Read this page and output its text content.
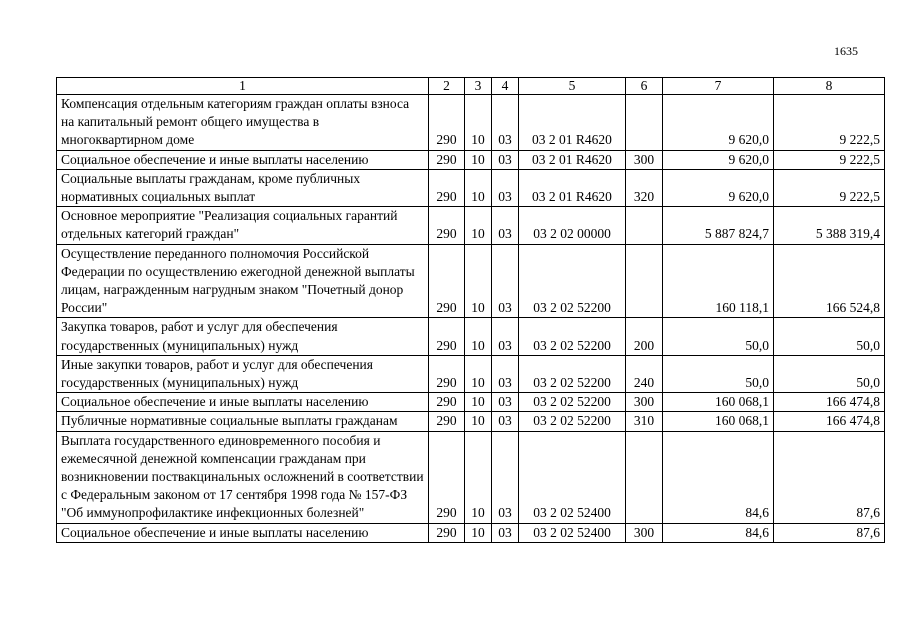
1635
1	2	3	4	5	6	7	8
Компенсация отдельным категориям граждан оплаты взноса на капитальный ремонт общего имущества в многоквартирном доме	290	10	03	03 2 01 R4620		9 620,0	9 222,5
Социальное обеспечение и иные выплаты населению	290	10	03	03 2 01 R4620	300	9 620,0	9 222,5
Социальные выплаты гражданам, кроме публичных нормативных социальных выплат	290	10	03	03 2 01 R4620	320	9 620,0	9 222,5
Основное мероприятие "Реализация социальных гарантий отдельных категорий граждан"	290	10	03	03 2 02 00000		5 887 824,7	5 388 319,4
Осуществление переданного полномочия Российской Федерации по осуществлению ежегодной денежной выплаты лицам, награжденным нагрудным знаком "Почетный донор России"	290	10	03	03 2 02 52200		160 118,1	166 524,8
Закупка товаров, работ и услуг для обеспечения государственных (муниципальных) нужд	290	10	03	03 2 02 52200	200	50,0	50,0
Иные закупки товаров, работ и услуг для обеспечения государственных (муниципальных) нужд	290	10	03	03 2 02 52200	240	50,0	50,0
Социальное обеспечение и иные выплаты населению	290	10	03	03 2 02 52200	300	160 068,1	166 474,8
Публичные нормативные социальные выплаты гражданам	290	10	03	03 2 02 52200	310	160 068,1	166 474,8
Выплата государственного единовременного пособия и ежемесячной денежной компенсации гражданам при возникновении поствакцинальных осложнений в соответствии с Федеральным законом от 17 сентября 1998 года № 157-ФЗ "Об иммунопрофилактике инфекционных болезней"	290	10	03	03 2 02 52400		84,6	87,6
Социальное обеспечение и иные выплаты населению	290	10	03	03 2 02 52400	300	84,6	87,6
